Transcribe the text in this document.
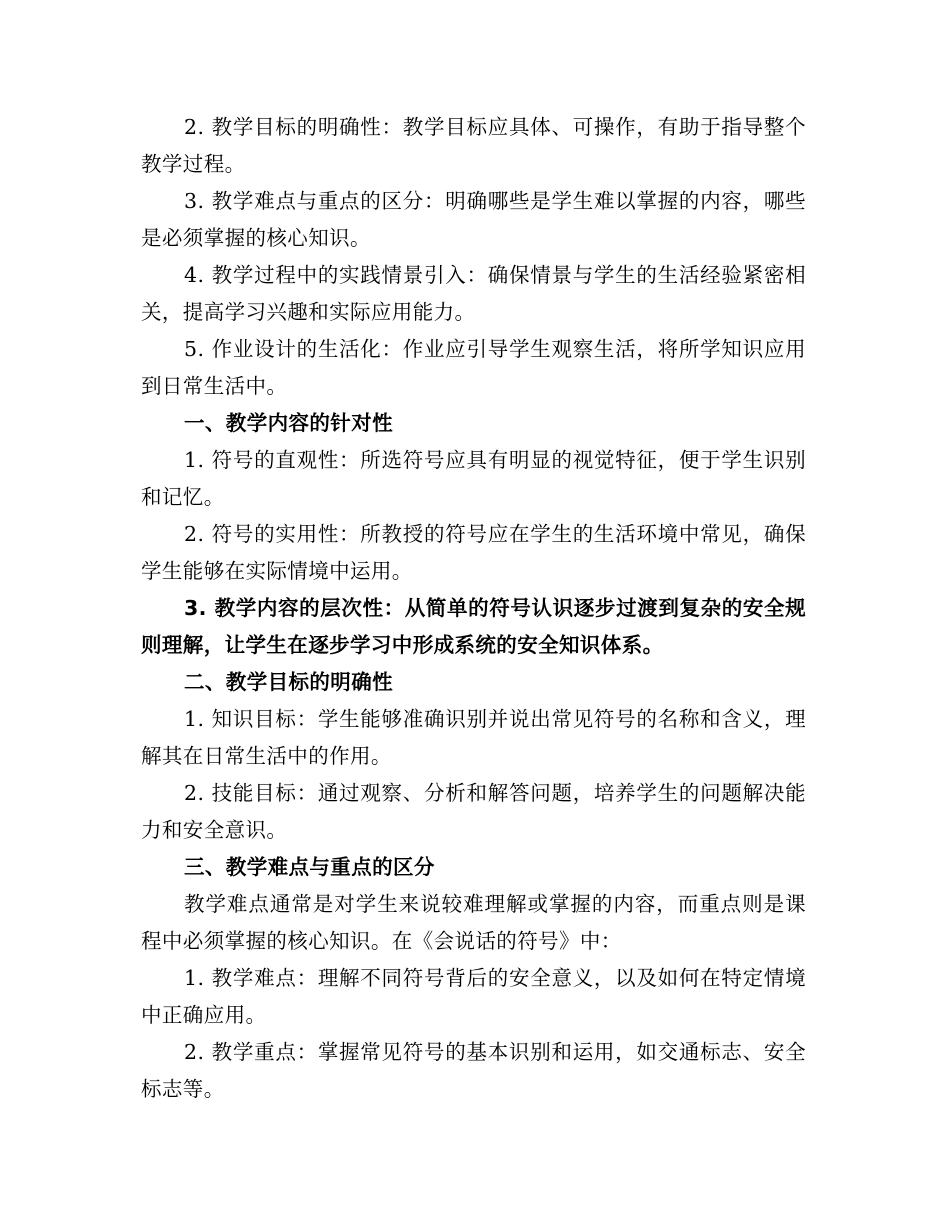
2. 教学目标的明确性：教学目标应具体、可操作，有助于指导整个教学过程。

3. 教学难点与重点的区分：明确哪些是学生难以掌握的内容，哪些是必须掌握的核心知识。

4. 教学过程中的实践情景引入：确保情景与学生的生活经验紧密相关，提高学习兴趣和实际应用能力。

5. 作业设计的生活化：作业应引导学生观察生活，将所学知识应用到日常生活中。

一、教学内容的针对性

1. 符号的直观性：所选符号应具有明显的视觉特征，便于学生识别和记忆。

2. 符号的实用性：所教授的符号应在学生的生活环境中常见，确保学生能够在实际情境中运用。

3. 教学内容的层次性：从简单的符号认识逐步过渡到复杂的安全规则理解，让学生在逐步学习中形成系统的安全知识体系。

二、教学目标的明确性

1. 知识目标：学生能够准确识别并说出常见符号的名称和含义，理解其在日常生活中的作用。

2. 技能目标：通过观察、分析和解答问题，培养学生的问题解决能力和安全意识。

三、教学难点与重点的区分

教学难点通常是对学生来说较难理解或掌握的内容，而重点则是课程中必须掌握的核心知识。在《会说话的符号》中：

1. 教学难点：理解不同符号背后的安全意义，以及如何在特定情境中正确应用。

2. 教学重点：掌握常见符号的基本识别和运用，如交通标志、安全标志等。
